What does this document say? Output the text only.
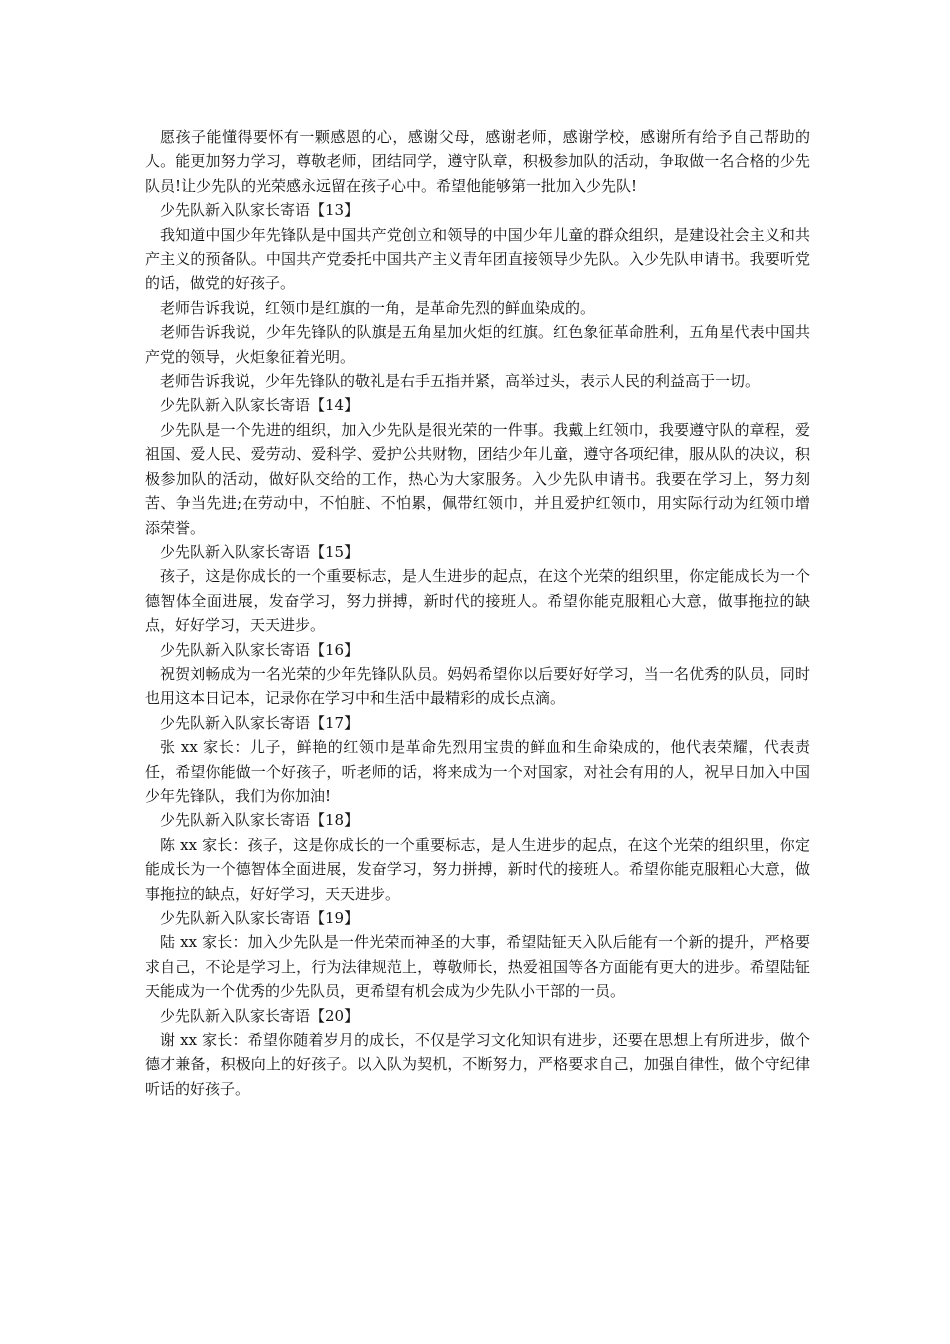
愿孩子能懂得要怀有一颗感恩的心，感谢父母，感谢老师，感谢学校，感谢所有给予自己帮助的人。能更加努力学习，尊敬老师，团结同学，遵守队章，积极参加队的活动，争取做一名合格的少先队员!让少先队的光荣感永远留在孩子心中。希望他能够第一批加入少先队!

少先队新入队家长寄语【13】

我知道中国少年先锋队是中国共产党创立和领导的中国少年儿童的群众组织，是建设社会主义和共产主义的预备队。中国共产党委托中国共产主义青年团直接领导少先队。入少先队申请书。我要听党的话，做党的好孩子。

老师告诉我说，红领巾是红旗的一角，是革命先烈的鲜血染成的。

老师告诉我说，少年先锋队的队旗是五角星加火炬的红旗。红色象征革命胜利，五角星代表中国共产党的领导，火炬象征着光明。

老师告诉我说，少年先锋队的敬礼是右手五指并紧，高举过头，表示人民的利益高于一切。

少先队新入队家长寄语【14】

少先队是一个先进的组织，加入少先队是很光荣的一件事。我戴上红领巾，我要遵守队的章程，爱祖国、爱人民、爱劳动、爱科学、爱护公共财物，团结少年儿童，遵守各项纪律，服从队的决议，积极参加队的活动，做好队交给的工作，热心为大家服务。入少先队申请书。我要在学习上，努力刻苦、争当先进;在劳动中，不怕脏、不怕累，佩带红领巾，并且爱护红领巾，用实际行动为红领巾增添荣誉。

少先队新入队家长寄语【15】

孩子，这是你成长的一个重要标志，是人生进步的起点，在这个光荣的组织里，你定能成长为一个德智体全面进展，发奋学习，努力拼搏，新时代的接班人。希望你能克服粗心大意，做事拖拉的缺点，好好学习，天天进步。

少先队新入队家长寄语【16】

祝贺刘畅成为一名光荣的少年先锋队队员。妈妈希望你以后要好好学习，当一名优秀的队员，同时也用这本日记本，记录你在学习中和生活中最精彩的成长点滴。

少先队新入队家长寄语【17】

张 xx 家长：儿子，鲜艳的红领巾是革命先烈用宝贵的鲜血和生命染成的，他代表荣耀，代表责任，希望你能做一个好孩子，听老师的话，将来成为一个对国家，对社会有用的人，祝早日加入中国少年先锋队，我们为你加油!

少先队新入队家长寄语【18】

陈 xx 家长：孩子，这是你成长的一个重要标志，是人生进步的起点，在这个光荣的组织里，你定能成长为一个德智体全面进展，发奋学习，努力拼搏，新时代的接班人。希望你能克服粗心大意，做事拖拉的缺点，好好学习，天天进步。

少先队新入队家长寄语【19】

陆 xx 家长：加入少先队是一件光荣而神圣的大事，希望陆钲天入队后能有一个新的提升，严格要求自己，不论是学习上，行为法律规范上，尊敬师长，热爱祖国等各方面能有更大的进步。希望陆钲天能成为一个优秀的少先队员，更希望有机会成为少先队小干部的一员。

少先队新入队家长寄语【20】

谢 xx 家长：希望你随着岁月的成长，不仅是学习文化知识有进步，还要在思想上有所进步，做个德才兼备，积极向上的好孩子。以入队为契机，不断努力，严格要求自己，加强自律性，做个守纪律听话的好孩子。
